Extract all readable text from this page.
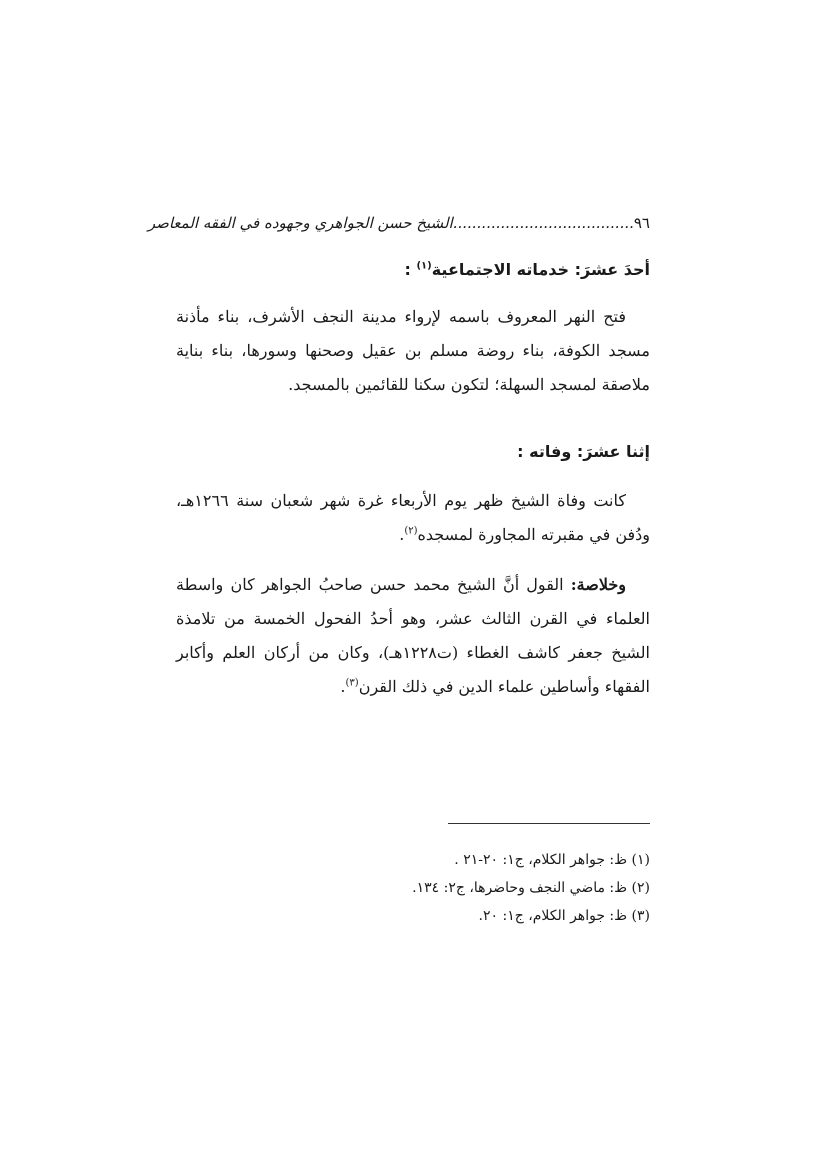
٩٦
......................................
الشيخ حسن الجواهري وجهوده في الفقه المعاصر
أحدَ عشرَ: خدماته الاجتماعية$^{(١)}$ :

فتح النهر المعروف باسمه لإرواء مدينة النجف الأشرف، بناء مأذنة مسجد الكوفة، بناء روضة مسلم بن عقيل وصحنها وسورها، بناء بناية ملاصقة لمسجد السهلة؛ لتكون سكنا للقائمين بالمسجد.

إثنا عشرَ: وفاته :

كانت وفاة الشيخ ظهر يوم الأربعاء غرة شهر شعبان سنة ١٢٦٦هـ، ودُفن في مقبرته المجاورة لمسجده$^{(٢)}$.

وخلاصة: القول أنَّ الشيخ محمد حسن صاحبُ الجواهر كان واسطة العلماء في القرن الثالث عشر، وهو أحدُ الفحول الخمسة من تلامذة الشيخ جعفر كاشف الغطاء (ت١٢٢٨هـ)، وكان من أركان العلم وأكابر الفقهاء وأساطين علماء الدين في ذلك القرن$^{(٣)}$.

(١) ظ: جواهر الكلام، ج١: ٢٠-٢١ .
(٢) ظ: ماضي النجف وحاضرها، ج٢: ١٣٤.
(٣) ظ: جواهر الكلام، ج١: ٢٠.
